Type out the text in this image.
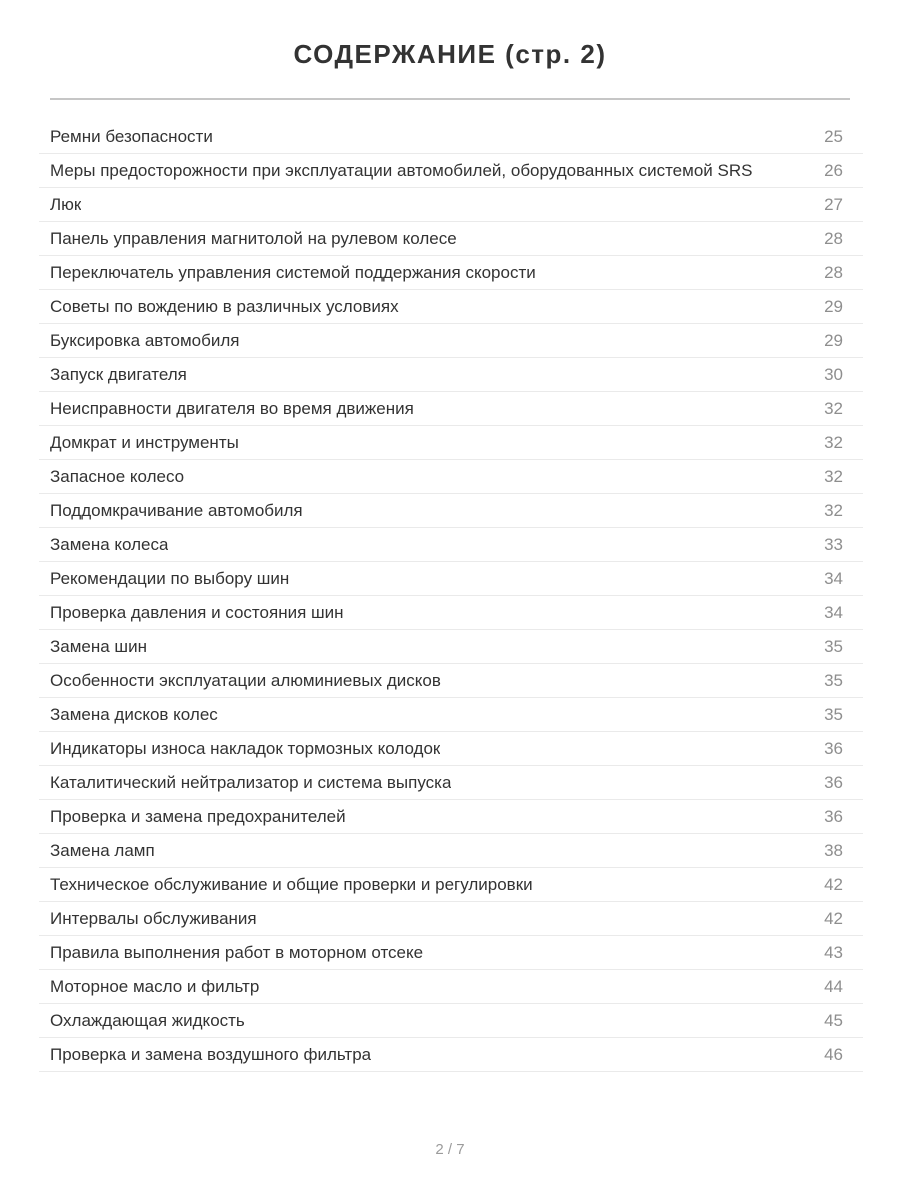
СОДЕРЖАНИЕ (стр. 2)
Ремни безопасности	25
Меры предосторожности при эксплуатации автомобилей, оборудованных системой SRS	26
Люк	27
Панель управления магнитолой на рулевом колесе	28
Переключатель управления системой поддержания скорости	28
Советы по вождению в различных условиях	29
Буксировка автомобиля	29
Запуск двигателя	30
Неисправности двигателя во время движения	32
Домкрат и инструменты	32
Запасное колесо	32
Поддомкрачивание автомобиля	32
Замена колеса	33
Рекомендации по выбору шин	34
Проверка давления и состояния шин	34
Замена шин	35
Особенности эксплуатации алюминиевых дисков	35
Замена дисков колес	35
Индикаторы износа накладок тормозных колодок	36
Каталитический нейтрализатор и система выпуска	36
Проверка и замена предохранителей	36
Замена ламп	38
Техническое обслуживание и общие проверки и регулировки	42
Интервалы обслуживания	42
Правила выполнения работ в моторном отсеке	43
Моторное масло и фильтр	44
Охлаждающая жидкость	45
Проверка и замена воздушного фильтра	46
2 / 7
